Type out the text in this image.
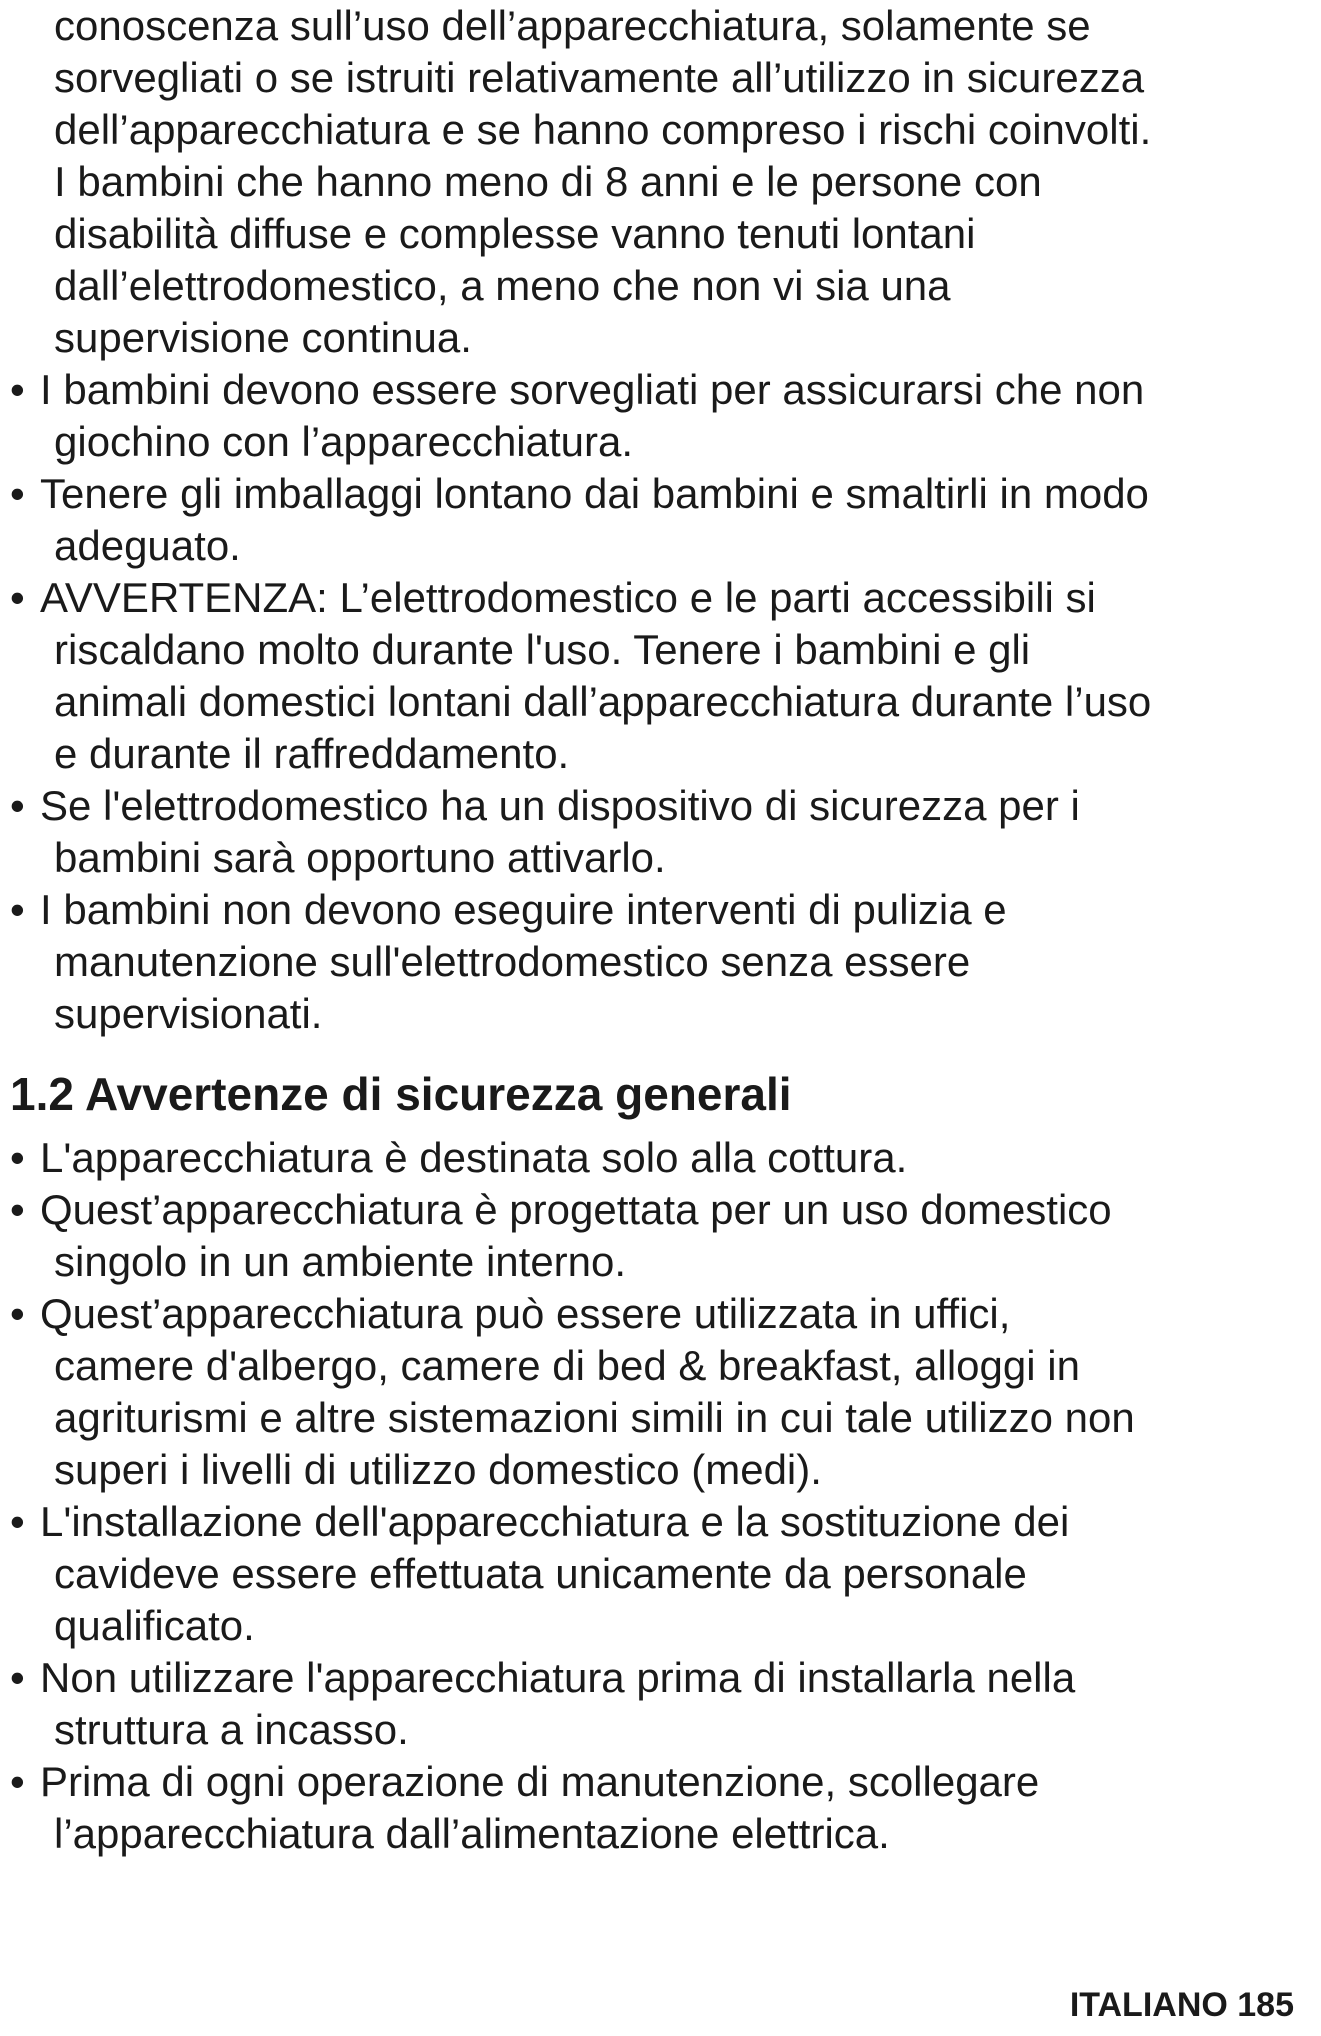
conoscenza sull’uso dell’apparecchiatura, solamente se
sorvegliati o se istruiti relativamente all’utilizzo in sicurezza
dell’apparecchiatura e se hanno compreso i rischi coinvolti.
I bambini che hanno meno di 8 anni e le persone con
disabilità diffuse e complesse vanno tenuti lontani
dall’elettrodomestico, a meno che non vi sia una
supervisione continua.
• I bambini devono essere sorvegliati per assicurarsi che non
giochino con l’apparecchiatura.
• Tenere gli imballaggi lontano dai bambini e smaltirli in modo
adeguato.
• AVVERTENZA: L’elettrodomestico e le parti accessibili si
riscaldano molto durante l'uso. Tenere i bambini e gli
animali domestici lontani dall’apparecchiatura durante l’uso
e durante il raffreddamento.
• Se l'elettrodomestico ha un dispositivo di sicurezza per i
bambini sarà opportuno attivarlo.
• I bambini non devono eseguire interventi di pulizia e
manutenzione sull'elettrodomestico senza essere
supervisionati.
1.2 Avvertenze di sicurezza generali
• L'apparecchiatura è destinata solo alla cottura.
• Quest’apparecchiatura è progettata per un uso domestico
singolo in un ambiente interno.
• Quest’apparecchiatura può essere utilizzata in uffici,
camere d'albergo, camere di bed & breakfast, alloggi in
agriturismi e altre sistemazioni simili in cui tale utilizzo non
superi i livelli di utilizzo domestico (medi).
• L'installazione dell'apparecchiatura e la sostituzione dei
cavideve essere effettuata unicamente da personale
qualificato.
• Non utilizzare l'apparecchiatura prima di installarla nella
struttura a incasso.
• Prima di ogni operazione di manutenzione, scollegare
l’apparecchiatura dall’alimentazione elettrica.
ITALIANO 185
